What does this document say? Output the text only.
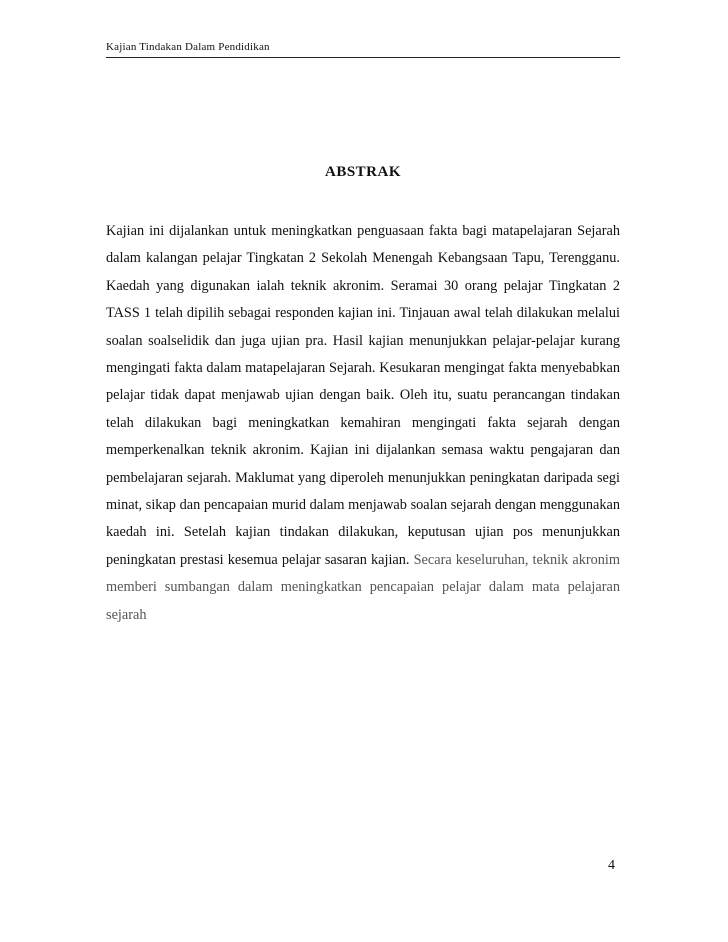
Kajian Tindakan Dalam Pendidikan
ABSTRAK
Kajian ini dijalankan untuk meningkatkan penguasaan fakta bagi matapelajaran Sejarah
dalam kalangan pelajar Tingkatan 2 Sekolah Menengah Kebangsaan Tapu, Terengganu.
Kaedah yang digunakan ialah teknik akronim. Seramai 30 orang pelajar Tingkatan 2
TASS 1 telah dipilih sebagai responden kajian ini. Tinjauan awal telah dilakukan melalui
soalan soalselidik dan juga ujian pra. Hasil kajian menunjukkan pelajar-pelajar kurang
mengingati fakta dalam matapelajaran Sejarah. Kesukaran mengingat fakta menyebabkan
pelajar tidak dapat menjawab ujian dengan baik. Oleh itu, suatu perancangan tindakan
telah dilakukan bagi meningkatkan kemahiran mengingati fakta sejarah dengan
memperkenalkan teknik akronim. Kajian ini dijalankan semasa waktu pengajaran dan
pembelajaran sejarah. Maklumat yang diperoleh menunjukkan peningkatan daripada segi
minat, sikap dan pencapaian murid dalam menjawab soalan sejarah dengan menggunakan
kaedah ini. Setelah kajian tindakan dilakukan, keputusan ujian pos menunjukkan
peningkatan prestasi kesemua pelajar sasaran kajian. Secara keseluruhan, teknik akronim
memberi sumbangan dalam meningkatkan pencapaian pelajar dalam mata pelajaran
sejarah
4
